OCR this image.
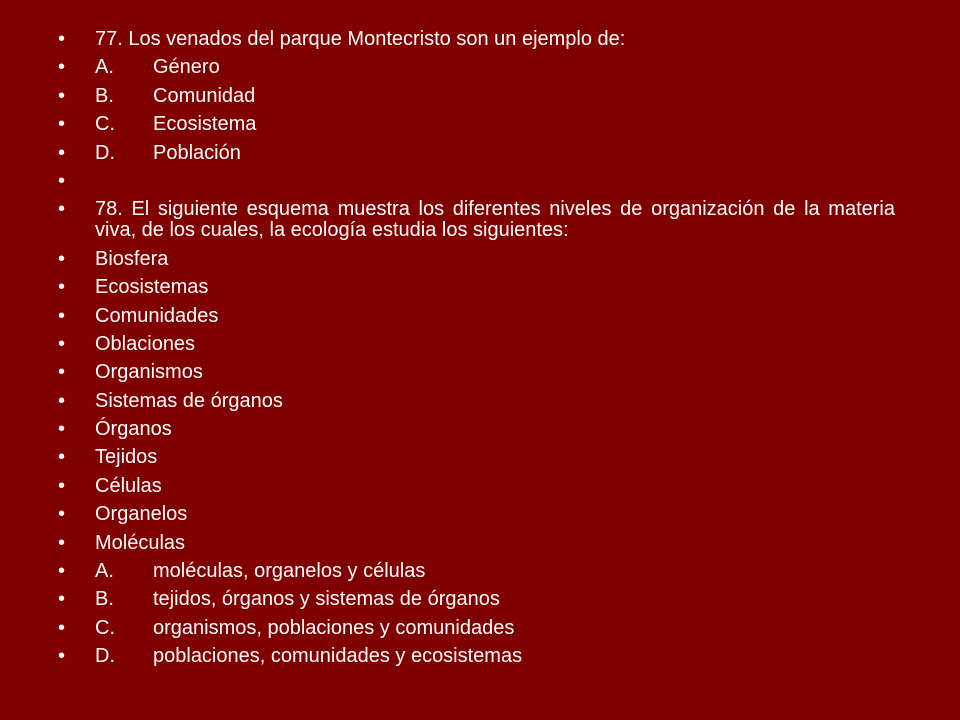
• 77. Los venados del parque Montecristo son un ejemplo de:
• A. Género
• B. Comunidad
• C. Ecosistema
• D. Población
•
• 78. El siguiente esquema muestra los diferentes niveles de organización de la materia viva, de los cuales, la ecología estudia los siguientes:
• Biosfera
• Ecosistemas
• Comunidades
• Oblaciones
• Organismos
• Sistemas de órganos
• Órganos
• Tejidos
• Células
• Organelos
• Moléculas
• A. moléculas, organelos y células
• B. tejidos, órganos y sistemas de órganos
• C. organismos, poblaciones y comunidades
• D. poblaciones, comunidades y ecosistemas
